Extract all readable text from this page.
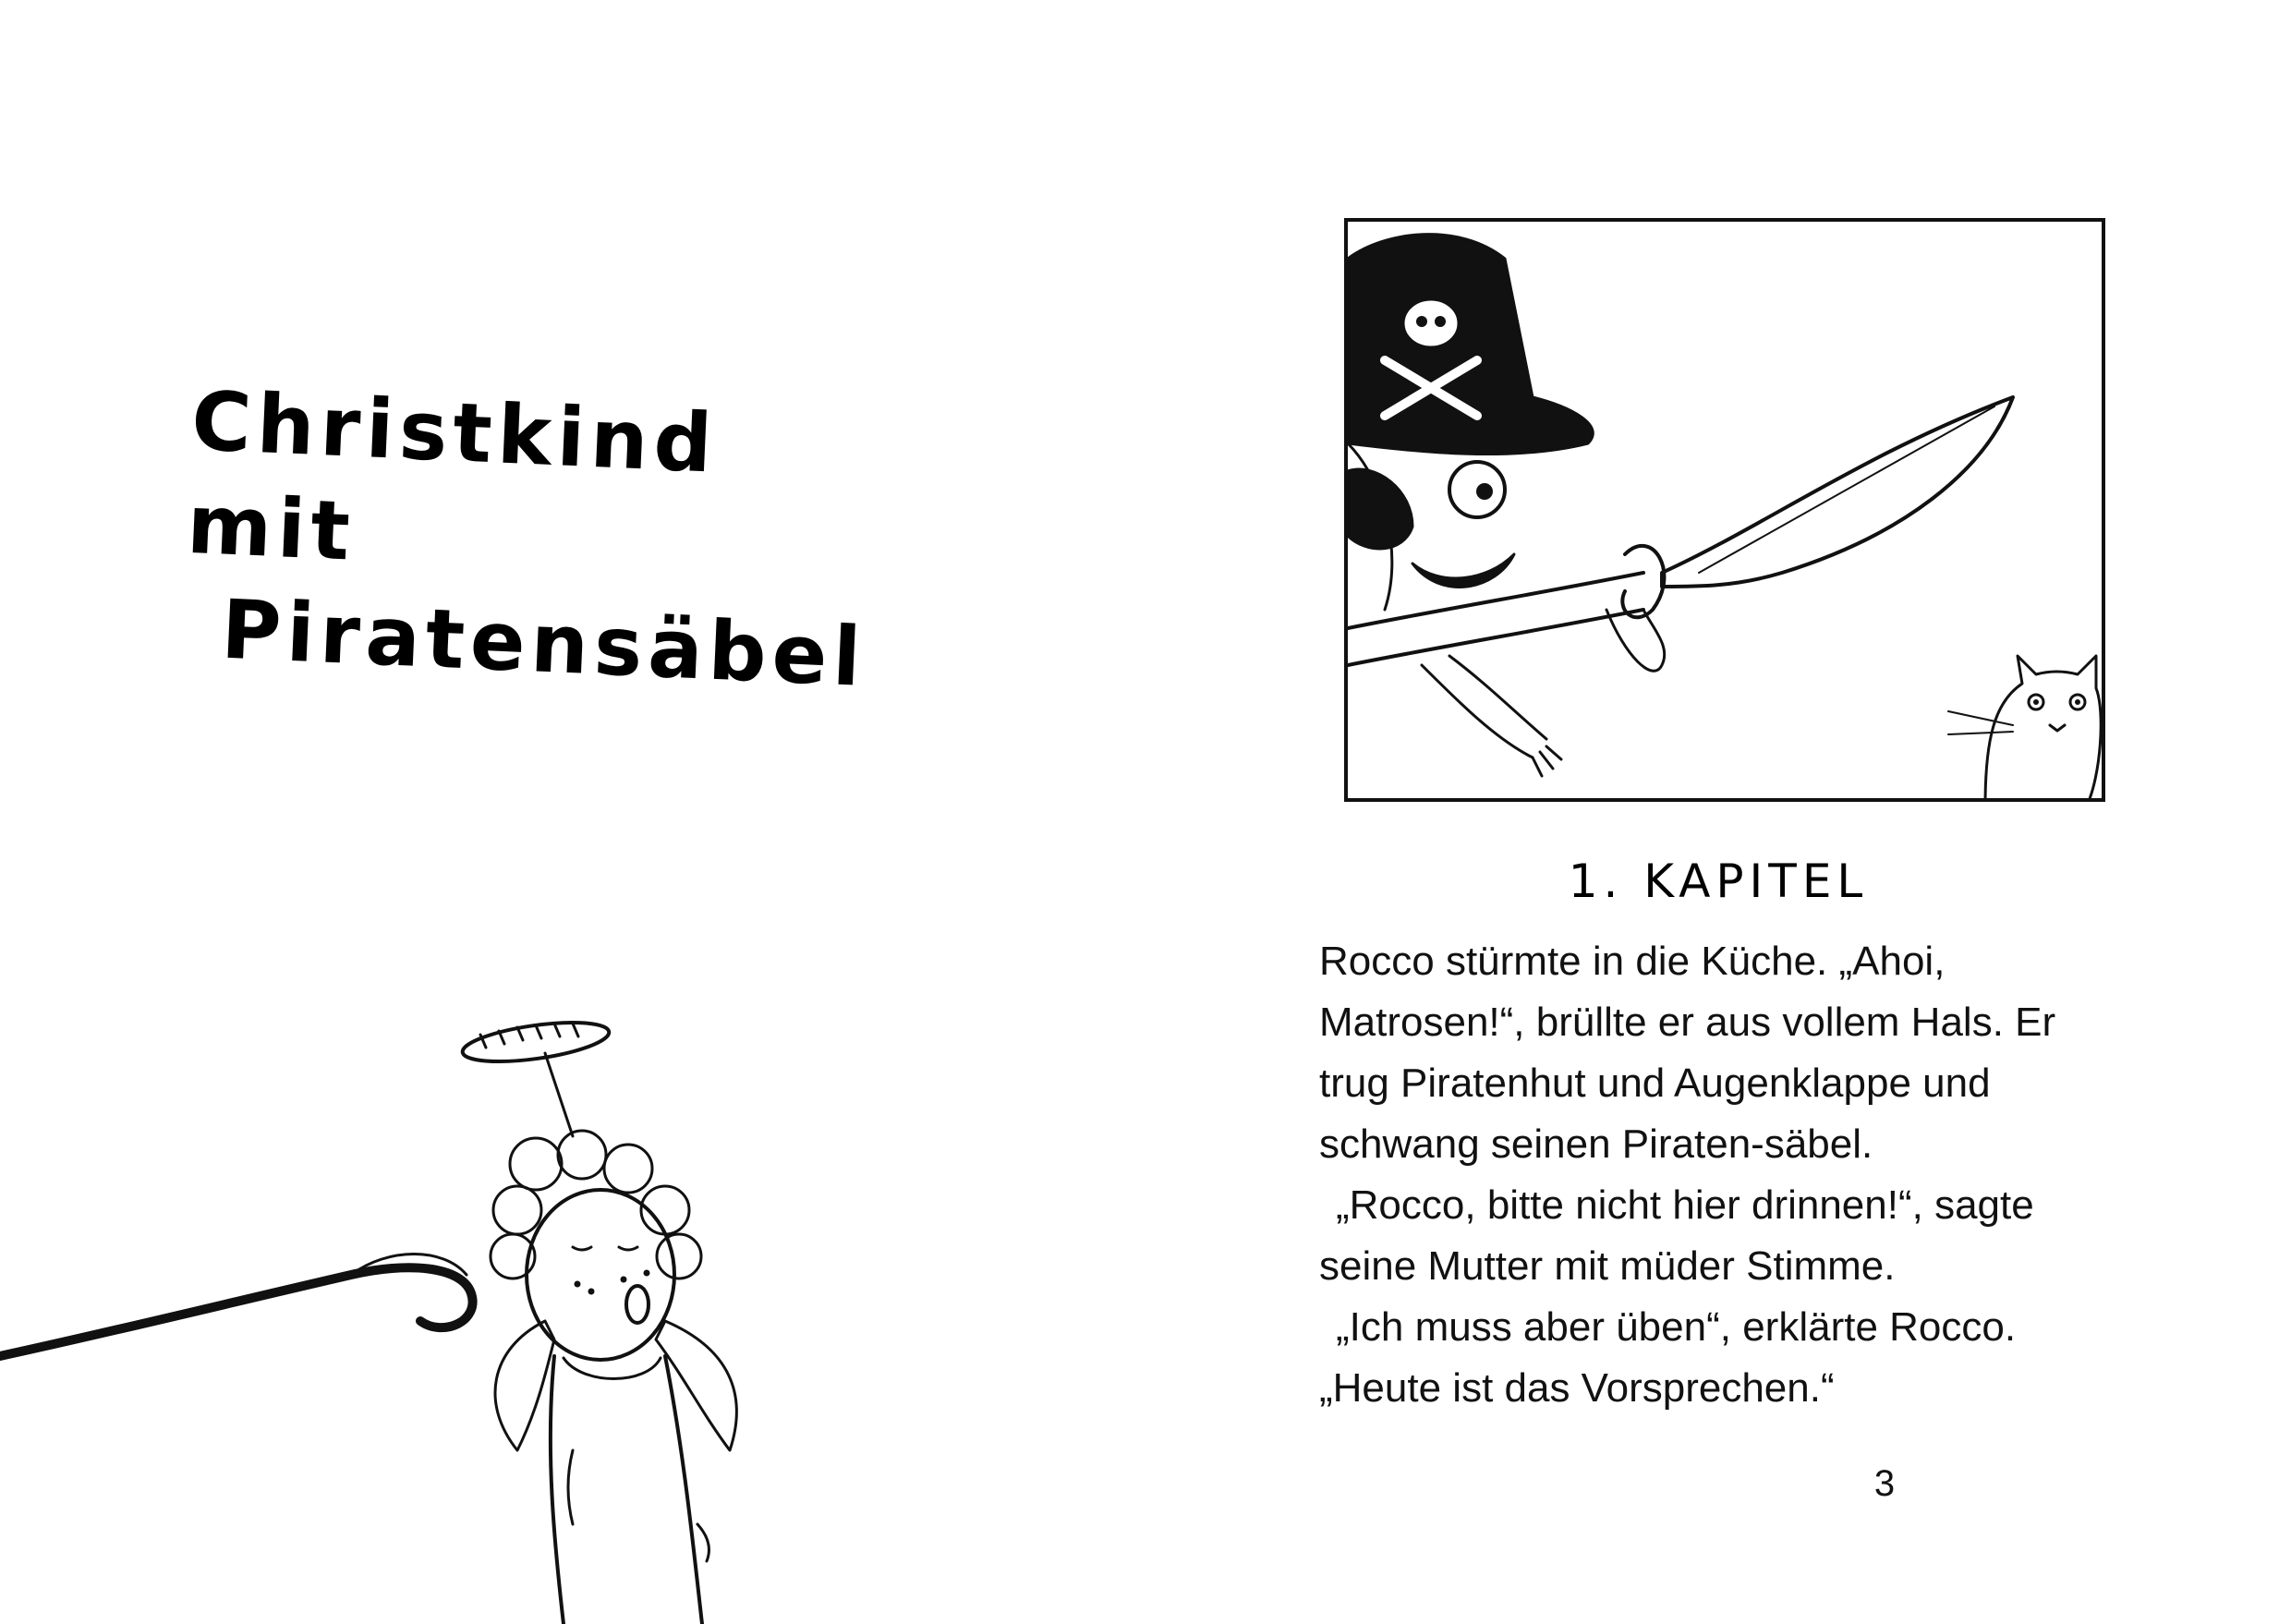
Christkind mit
Piratensäbel
1. KAPITEL

Rocco stürmte in die Küche. „Ahoi, Matrosen!“, brüllte er aus vollem Hals. Er trug Piratenhut und Augenklappe und schwang seinen Piraten-säbel.

„Rocco, bitte nicht hier drinnen!“, sagte seine Mutter mit müder Stimme.

„Ich muss aber üben“, erklärte Rocco. „Heute ist das Vorsprechen.“

3
